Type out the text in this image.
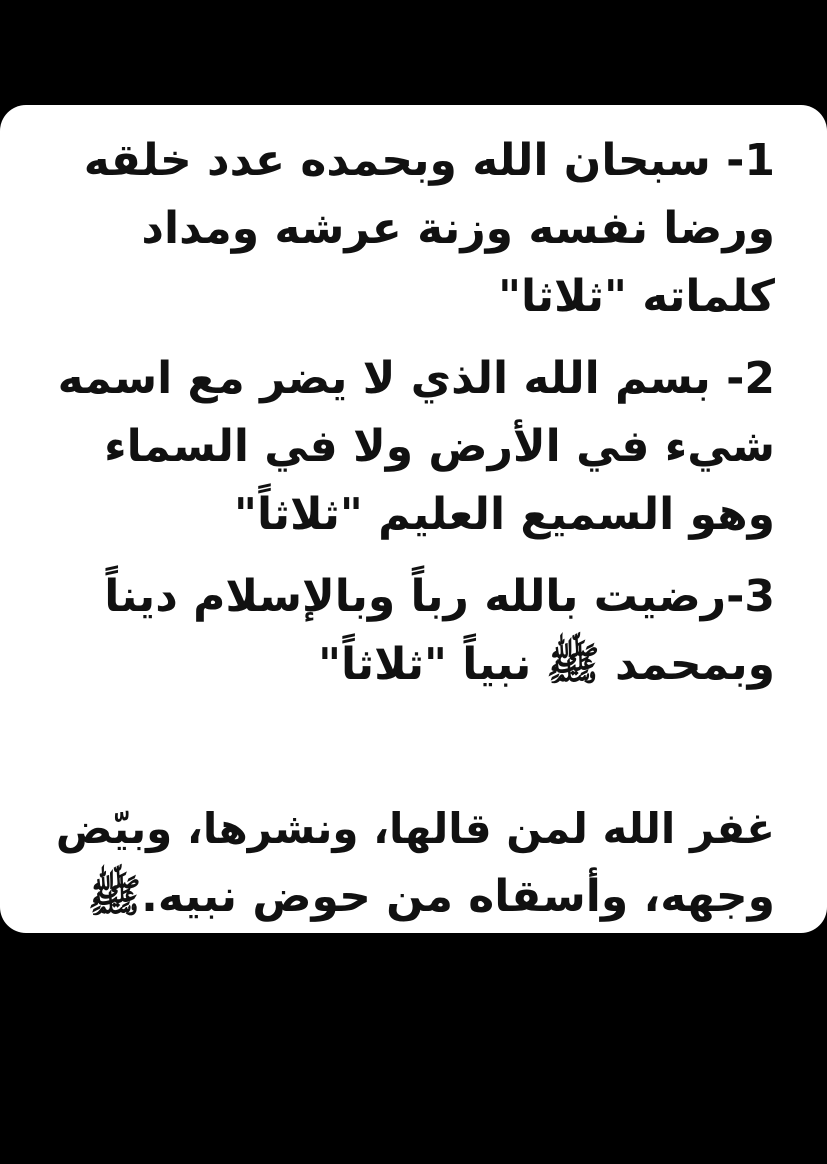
1- سبحان الله وبحمده عدد خلقه
ورضا نفسه وزنة عرشه ومداد
كلماته "ثلاثا"
2- بسم الله الذي لا يضر مع اسمه
شيء في الأرض ولا في السماء
وهو السميع العليم "ثلاثاً"
3-رضيت بالله رباً وبالإسلام ديناً
وبمحمد ﷺ نبياً "ثلاثاً"
غفر الله لمن قالها، ونشرها، وبيّض
وجهه، وأسقاه من حوض نبيه.ﷺ
